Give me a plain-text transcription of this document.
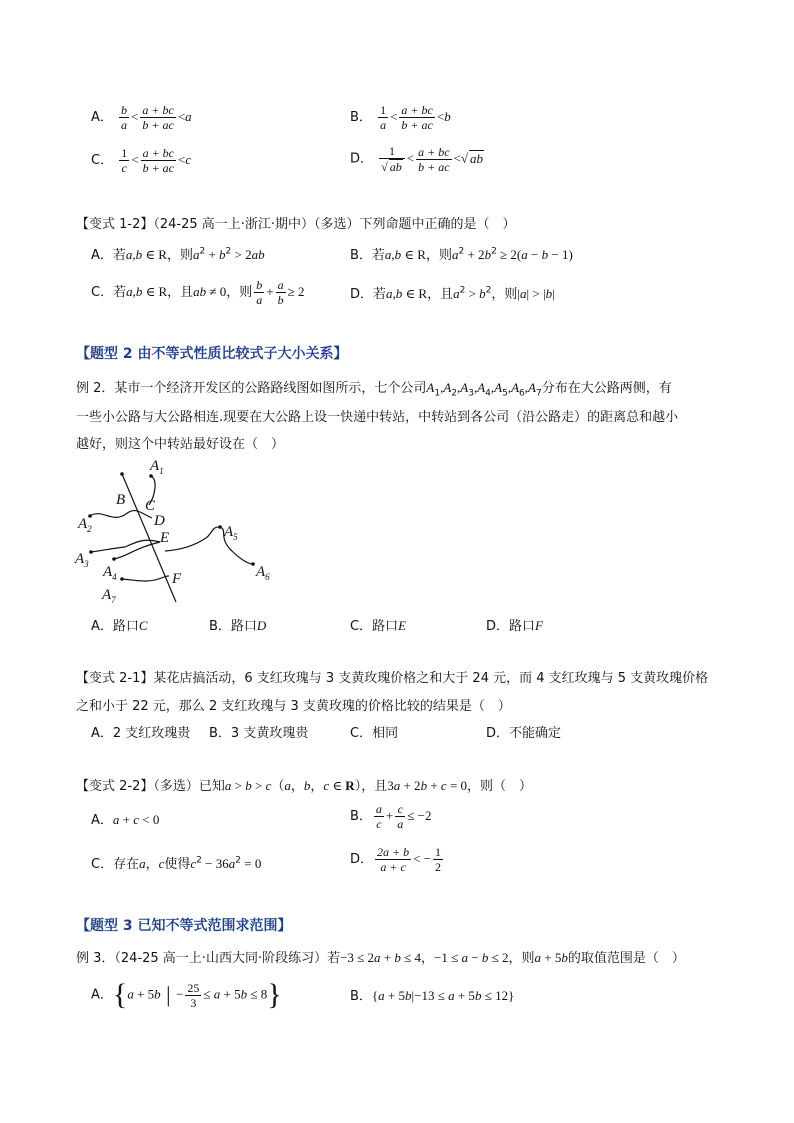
A． $\frac{b}{a} < \frac{a + bc}{b + ac} <a$	B． $\frac{1}{a} < \frac{a + bc}{b + ac} <b$
C． $\frac{1}{c} < \frac{a + bc}{b + ac} <c$	D． $\frac{1}{√ ab} < \frac{a + bc}{b + ac}$ <√ ab
【变式 1-2】（24-25 高一上·浙江·期中）（多选）下列命题中正确的是（　）
A．若a,b ∈ R，则$a^2 + b^2 > 2ab$	B．若a,b ∈ R，则$a^2 + 2b^2 \ge 2(a - b - 1)$
C．若a,b ∈ R，且ab ≠ 0，则 $\frac{b}{a} + \frac{a}{b} \ge 2$	D．若a,b ∈ R，且$a^2 > b^2$，则|a| > |b|
【题型 2 由不等式性质比较式子大小关系】
例 2．某市一个经济开发区的公路路线图如图所示，七个公司$A_1,A_2,A_3,A_4,A_5,A_6,A_7$分布在大公路两侧，有
一些小公路与大公路相连.现要在大公路上设一快递中转站，中转站到各公司（沿公路走）的距离总和越小
越好，则这个中转站最好设在（　）
$A_1$
B C
$A_2$	D
E	$A_5$
$A_3$ $A_4$	F	$A_6$
$A_7$
A．路口C	B．路口D	C．路口E	D．路口F
【变式 2-1】某花店搞活动，6 支红玫瑰与 3 支黄玫瑰价格之和大于 24 元，而 4 支红玫瑰与 5 支黄玫瑰价格
之和小于 22 元，那么 2 支红玫瑰与 3 支黄玫瑰的价格比较的结果是（　）
A．2 支红玫瑰贵 B．3 支黄玫瑰贵	C．相同	D．不能确定
【变式 2-2】（多选）已知a > b > c（a，b，c ∈ R），且3a + 2b + c = 0，则（　）
A．a + c < 0	B． $\frac{a}{c} + \frac{c}{a} \le -2$
C．存在a，c使得$c^2 - 36a^2 = 0$	D． $\frac{2a + b}{a + c}$ < − $\frac{1}{2}$
【题型 3 已知不等式范围求范围】
例 3．（24-25 高一上·山西大同·阶段练习）若−3 ≤ 2a + b ≤ 4，−1 ≤ a − b ≤ 2，则a + 5b的取值范围是（　）
A．{a + 5b | − $\frac{25}{3} \le a + 5b \le 8$}	B．{a + 5b|−13 ≤ a + 5b ≤ 12}
